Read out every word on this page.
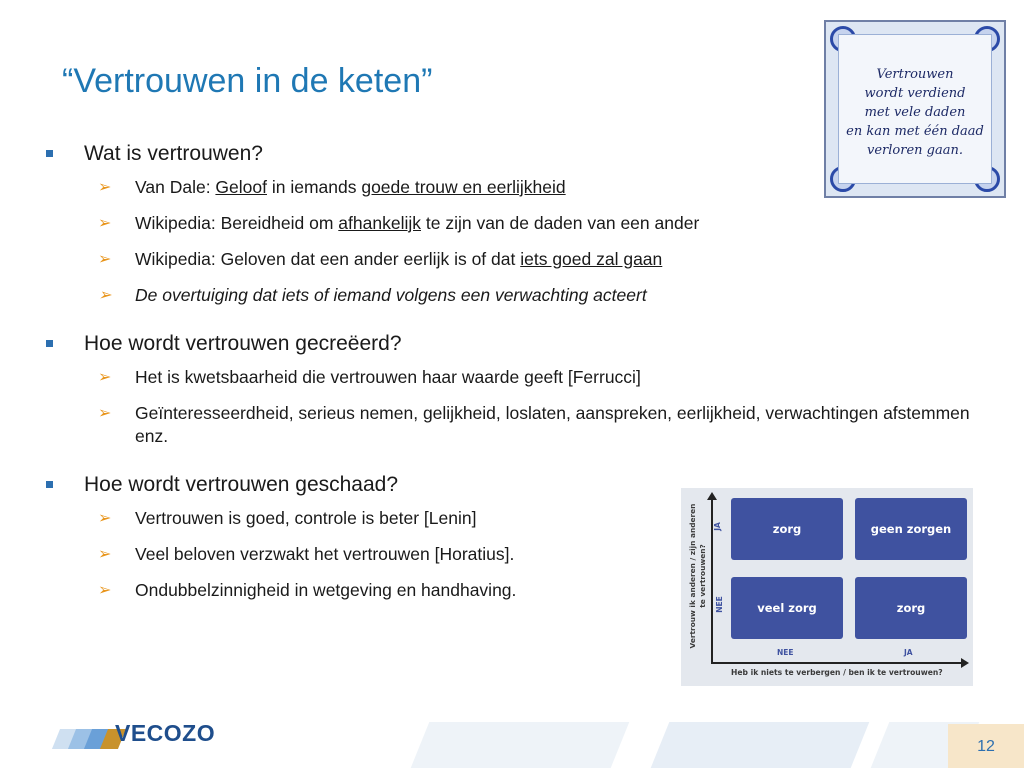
“Vertrouwen in de keten”	Vertrouwen
wordt verdiend
met vele daden
en kan met één daad
verloren gaan.
Wat is vertrouwen?
➢ Van Dale: Geloof in iemands goede trouw en eerlijkheid
➢ Wikipedia: Bereidheid om afhankelijk te zijn van de daden van een ander
➢ Wikipedia: Geloven dat een ander eerlijk is of dat iets goed zal gaan
➢ De overtuiging dat iets of iemand volgens een verwachting acteert
Hoe wordt vertrouwen gecreëerd?
➢ Het is kwetsbaarheid die vertrouwen haar waarde geeft [Ferrucci]
➢ Geïnteresseerdheid, serieus nemen, gelijkheid, loslaten, aanspreken, eerlijkheid, verwachtingen afstemmen enz.
Hoe wordt vertrouwen geschaad?
➢ Vertrouwen is goed, controle is beter [Lenin]
➢ Veel beloven verzwakt het vertrouwen [Horatius].
➢ Ondubbelzinnigheid in wetgeving en handhaving.	Vertrouw ik anderen / zijn anderen te vertrouwen?
JA
NEE
NEE	JA
zorg	geen zorgen
veel zorg	zorg
Heb ik niets te verbergen / ben ik te vertrouwen?
VECOZO
12
